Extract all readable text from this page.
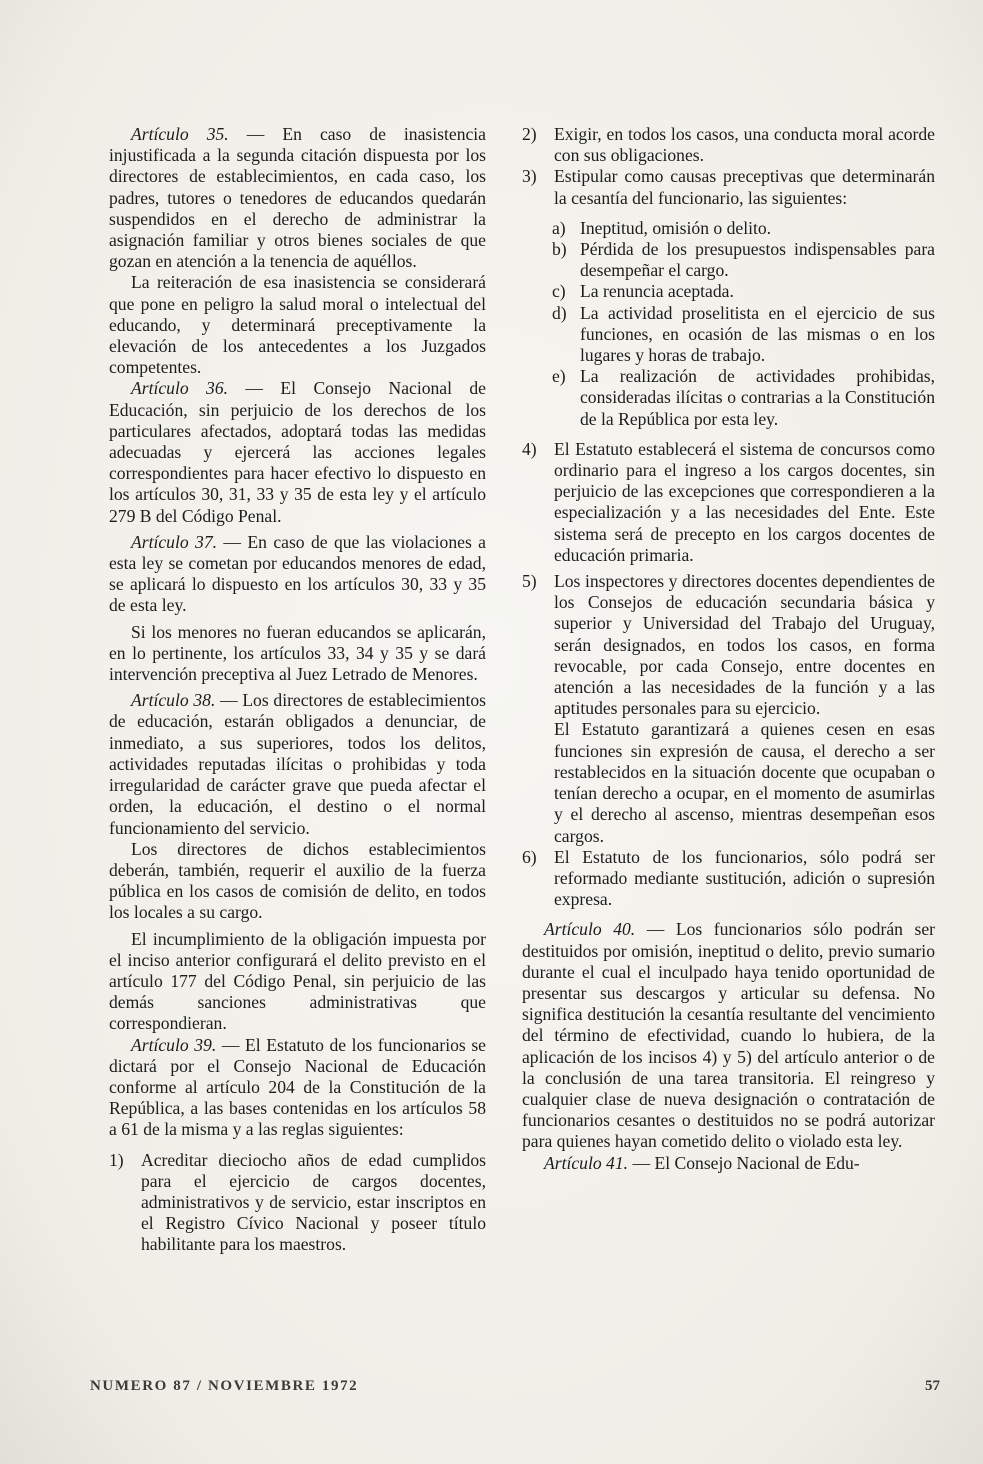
Artículo 35. — En caso de inasistencia injustificada a la segunda citación dispuesta por los directores de establecimientos, en cada caso, los padres, tutores o tenedores de educandos quedarán suspendidos en el derecho de administrar la asignación familiar y otros bienes sociales de que gozan en atención a la tenencia de aquéllos.

La reiteración de esa inasistencia se considerará que pone en peligro la salud moral o intelectual del educando, y determinará preceptivamente la elevación de los antecedentes a los Juzgados competentes.

Artículo 36. — El Consejo Nacional de Educación, sin perjuicio de los derechos de los particulares afectados, adoptará todas las medidas adecuadas y ejercerá las acciones legales correspondientes para hacer efectivo lo dispuesto en los artículos 30, 31, 33 y 35 de esta ley y el artículo 279 B del Código Penal.

Artículo 37. — En caso de que las violaciones a esta ley se cometan por educandos menores de edad, se aplicará lo dispuesto en los artículos 30, 33 y 35 de esta ley.

Si los menores no fueran educandos se aplicarán, en lo pertinente, los artículos 33, 34 y 35 y se dará intervención preceptiva al Juez Letrado de Menores.

Artículo 38. — Los directores de establecimientos de educación, estarán obligados a denunciar, de inmediato, a sus superiores, todos los delitos, actividades reputadas ilícitas o prohibidas y toda irregularidad de carácter grave que pueda afectar el orden, la educación, el destino o el normal funcionamiento del servicio.

Los directores de dichos establecimientos deberán, también, requerir el auxilio de la fuerza pública en los casos de comisión de delito, en todos los locales a su cargo.

El incumplimiento de la obligación impuesta por el inciso anterior configurará el delito previsto en el artículo 177 del Código Penal, sin perjuicio de las demás sanciones administrativas que correspondieran.

Artículo 39. — El Estatuto de los funcionarios se dictará por el Consejo Nacional de Educación conforme al artículo 204 de la Constitución de la República, a las bases contenidas en los artículos 58 a 61 de la misma y a las reglas siguientes:

1) Acreditar dieciocho años de edad cumplidos para el ejercicio de cargos docentes, administrativos y de servicio, estar inscriptos en el Registro Cívico Nacional y poseer título habilitante para los maestros.
2) Exigir, en todos los casos, una conducta moral acorde con sus obligaciones.
3) Estipular como causas preceptivas que determinarán la cesantía del funcionario, las siguientes:
a) Ineptitud, omisión o delito.
b) Pérdida de los presupuestos indispensables para desempeñar el cargo.
c) La renuncia aceptada.
d) La actividad proselitista en el ejercicio de sus funciones, en ocasión de las mismas o en los lugares y horas de trabajo.
e) La realización de actividades prohibidas, consideradas ilícitas o contrarias a la Constitución de la República por esta ley.
4) El Estatuto establecerá el sistema de concursos como ordinario para el ingreso a los cargos docentes, sin perjuicio de las excepciones que correspondieren a la especialización y a las necesidades del Ente. Este sistema será de precepto en los cargos docentes de educación primaria.
5) Los inspectores y directores docentes dependientes de los Consejos de educación secundaria básica y superior y Universidad del Trabajo del Uruguay, serán designados, en todos los casos, en forma revocable, por cada Consejo, entre docentes en atención a las necesidades de la función y a las aptitudes personales para su ejercicio.

El Estatuto garantizará a quienes cesen en esas funciones sin expresión de causa, el derecho a ser restablecidos en la situación docente que ocupaban o tenían derecho a ocupar, en el momento de asumirlas y el derecho al ascenso, mientras desempeñan esos cargos.

6) El Estatuto de los funcionarios, sólo podrá ser reformado mediante sustitución, adición o supresión expresa.

Artículo 40. — Los funcionarios sólo podrán ser destituidos por omisión, ineptitud o delito, previo sumario durante el cual el inculpado haya tenido oportunidad de presentar sus descargos y articular su defensa. No significa destitución la cesantía resultante del vencimiento del término de efectividad, cuando lo hubiera, de la aplicación de los incisos 4) y 5) del artículo anterior o de la conclusión de una tarea transitoria. El reingreso y cualquier clase de nueva designación o contratación de funcionarios cesantes o destituidos no se podrá autorizar para quienes hayan cometido delito o violado esta ley.

Artículo 41. — El Consejo Nacional de Edu-

NUMERO 87 / NOVIEMBRE 1972	57
